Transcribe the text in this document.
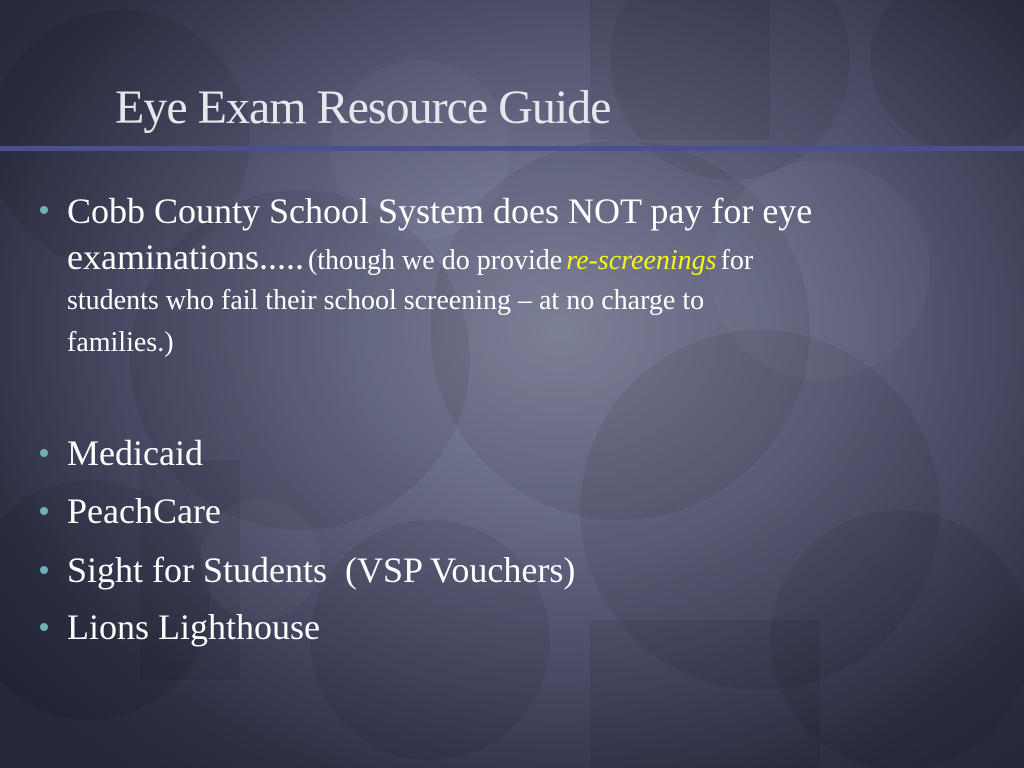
Eye Exam Resource Guide
Cobb County School System does NOT pay for eye
examinations..... (though we do provide re-screenings for
students who fail their school screening – at no charge to
families.)
Medicaid
PeachCare
Sight for Students  (VSP Vouchers)
Lions Lighthouse
